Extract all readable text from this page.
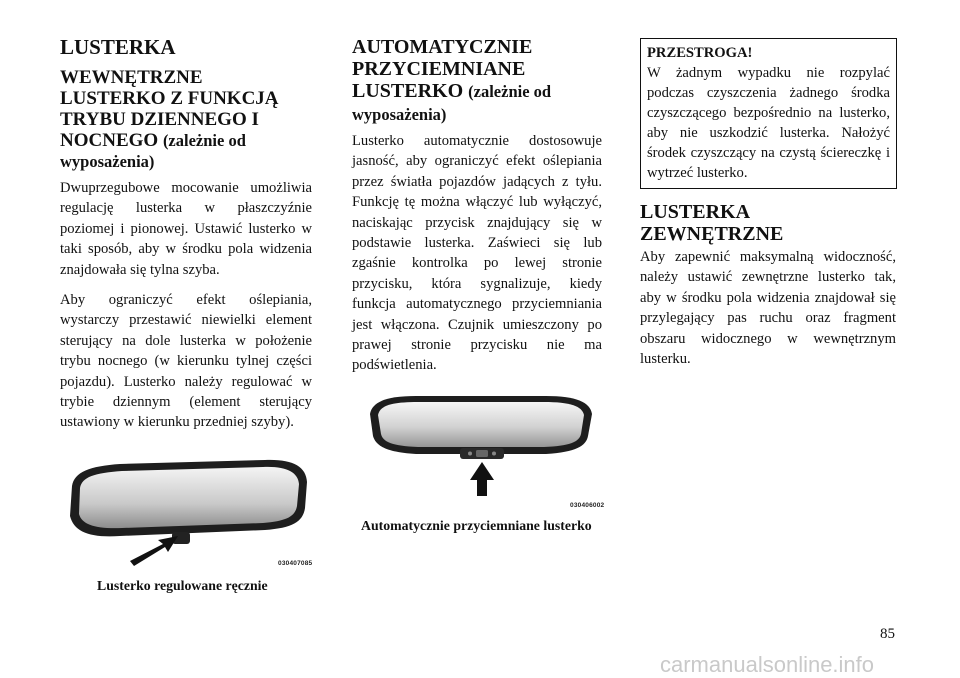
LUSTERKA
WEWNĘTRZNE LUSTERKO Z FUNKCJĄ TRYBU DZIENNEGO I NOCNEGO (zależnie od wyposażenia)

Dwuprzegubowe mocowanie umożliwia regulację lusterka w płaszczyźnie poziomej i pionowej. Ustawić lusterko w taki sposób, aby w środku pola widzenia znajdowała się tylna szyba.

Aby ograniczyć efekt oślepiania, wystarczy przestawić niewielki element sterujący na dole lusterka w położenie trybu nocnego (w kierunku tylnej części pojazdu). Lusterko należy regulować w trybie dziennym (element sterujący ustawiony w kierunku przedniej szyby).

030407085
Lusterko regulowane ręcznie
AUTOMATYCZNIE PRZYCIEMNIANE LUSTERKO (zależnie od wyposażenia)

Lusterko automatycznie dostosowuje jasność, aby ograniczyć efekt oślepiania przez światła pojazdów jadących z tyłu. Funkcję tę można włączyć lub wyłączyć, naciskając przycisk znajdujący się w podstawie lusterka. Zaświeci się lub zgaśnie kontrolka po lewej stronie przycisku, która sygnalizuje, kiedy funkcja automatycznego przyciemniania jest włączona. Czujnik umieszczony po prawej stronie przycisku nie ma podświetlenia.

030406002
Automatycznie przyciemniane lusterko
PRZESTROGA!

W żadnym wypadku nie rozpylać podczas czyszczenia żadnego środka czyszczącego bezpośrednio na lusterko, aby nie uszkodzić lusterka. Nałożyć środek czyszczący na czystą ściereczkę i wytrzeć lusterko.

LUSTERKA ZEWNĘTRZNE

Aby zapewnić maksymalną widoczność, należy ustawić zewnętrzne lusterko tak, aby w środku pola widzenia znajdował się przylegający pas ruchu oraz fragment obszaru widocznego w wewnętrznym lusterku.

85
carmanualsonline.info
